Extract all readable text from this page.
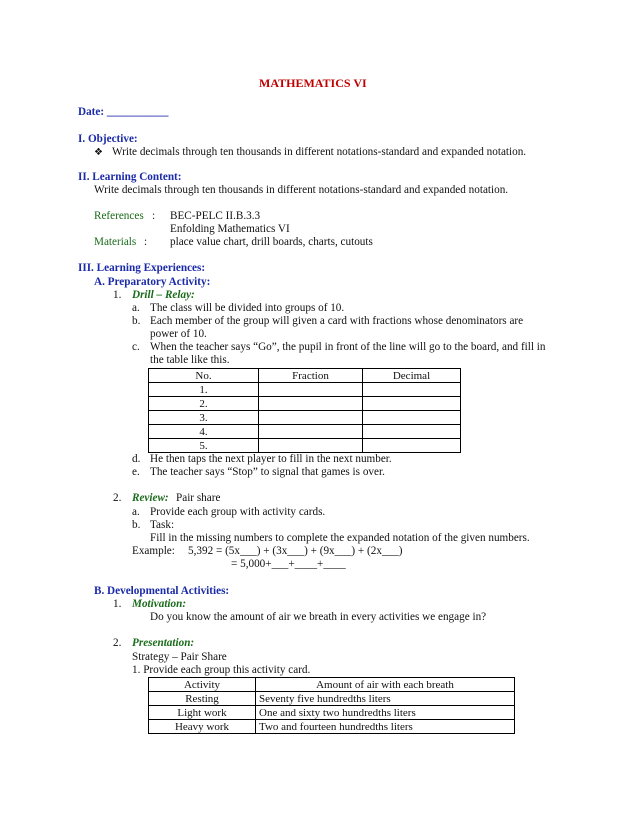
MATHEMATICS VI
Date: ___________
I. Objective:
❖ Write decimals through ten thousands in different notations-standard and expanded notation.
II. Learning Content:
Write decimals through ten thousands in different notations-standard and expanded notation.
References : BEC-PELC II.B.3.3
Enfolding Mathematics VI
Materials : place value chart, drill boards, charts, cutouts
III. Learning Experiences:
A. Preparatory Activity:
1. Drill – Relay:
a. The class will be divided into groups of 10.
b. Each member of the group will given a card with fractions whose denominators are
power of 10.
c. When the teacher says “Go”, the pupil in front of the line will go to the board, and fill in
the table like this.
No.	Fraction	Decimal
1.		
2.		
3.		
4.		
5.		
d. He then taps the next player to fill in the next number.
e. The teacher says “Stop” to signal that games is over.
2. Review: Pair share
a. Provide each group with activity cards.
b. Task:
Fill in the missing numbers to complete the expanded notation of the given numbers.
Example: 5,392 = (5x___) + (3x___) + (9x___) + (2x___)
= 5,000+___+____+____
B. Developmental Activities:
1. Motivation:
Do you know the amount of air we breath in every activities we engage in?
2. Presentation:
Strategy – Pair Share
1. Provide each group this activity card.
Activity	Amount of air with each breath
Resting	Seventy five hundredths liters
Light work	One and sixty two hundredths liters
Heavy work	Two and fourteen hundredths liters
